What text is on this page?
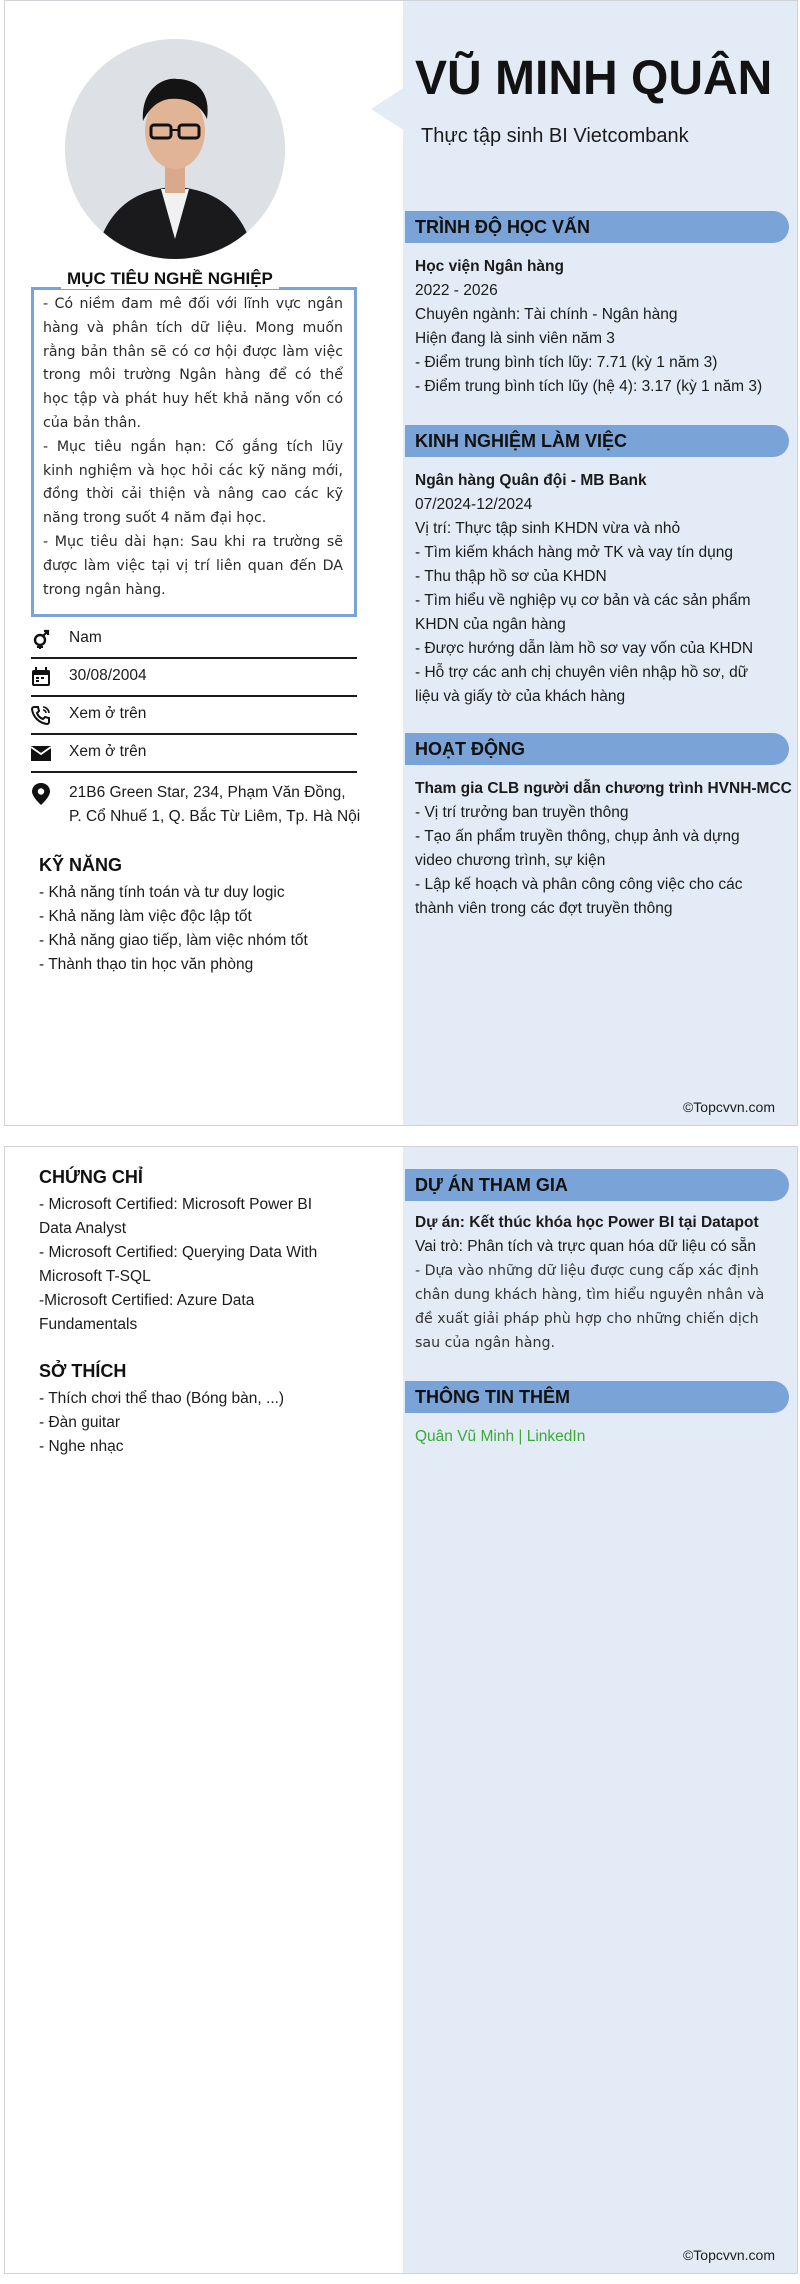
VŨ MINH QUÂN
Thực tập sinh BI Vietcombank
MỤC TIÊU NGHỀ NGHIỆP

- Có niềm đam mê đối với lĩnh vực ngân hàng và phân tích dữ liệu. Mong muốn rằng bản thân sẽ có cơ hội được làm việc trong môi trường Ngân hàng để có thể học tập và phát huy hết khả năng vốn có của bản thân.

- Mục tiêu ngắn hạn: Cố gắng tích lũy kinh nghiệm và học hỏi các kỹ năng mới, đồng thời cải thiện và nâng cao các kỹ năng trong suốt 4 năm đại học.

- Mục tiêu dài hạn: Sau khi ra trường sẽ được làm việc tại vị trí liên quan đến DA trong ngân hàng.

Nam
30/08/2004
Xem ở trên
Xem ở trên
21B6 Green Star, 234, Phạm Văn Đồng,
P. Cổ Nhuế 1, Q. Bắc Từ Liêm, Tp. Hà Nội
KỸ NĂNG
- Khả năng tính toán và tư duy logic
- Khả năng làm việc độc lập tốt
- Khả năng giao tiếp, làm việc nhóm tốt
- Thành thạo tin học văn phòng
TRÌNH ĐỘ HỌC VẤN
Học viện Ngân hàng
2022 - 2026
Chuyên ngành: Tài chính - Ngân hàng
Hiện đang là sinh viên năm 3
- Điểm trung bình tích lũy: 7.71 (kỳ 1 năm 3)
- Điểm trung bình tích lũy (hệ 4): 3.17 (kỳ 1 năm 3)
KINH NGHIỆM LÀM VIỆC
Ngân hàng Quân đội - MB Bank
07/2024-12/2024
Vị trí: Thực tập sinh KHDN vừa và nhỏ
- Tìm kiếm khách hàng mở TK và vay tín dụng
- Thu thập hồ sơ của KHDN
- Tìm hiểu về nghiệp vụ cơ bản và các sản phẩm
KHDN của ngân hàng
- Được hướng dẫn làm hồ sơ vay vốn của KHDN
- Hỗ trợ các anh chị chuyên viên nhập hồ sơ, dữ
liệu và giấy tờ của khách hàng
HOẠT ĐỘNG
Tham gia CLB người dẫn chương trình HVNH-MCC
- Vị trí trưởng ban truyền thông
- Tạo ấn phẩm truyền thông, chụp ảnh và dựng
video chương trình, sự kiện
- Lập kế hoạch và phân công công việc cho các
thành viên trong các đợt truyền thông
©Topcvvn.com
CHỨNG CHỈ
- Microsoft Certified: Microsoft Power BI
Data Analyst
- Microsoft Certified: Querying Data With
Microsoft T-SQL
-Microsoft Certified: Azure Data
Fundamentals
SỞ THÍCH
- Thích chơi thể thao (Bóng bàn, ...)
- Đàn guitar
- Nghe nhạc
DỰ ÁN THAM GIA
Dự án: Kết thúc khóa học Power BI tại Datapot
Vai trò: Phân tích và trực quan hóa dữ liệu có sẵn
- Dựa vào những dữ liệu được cung cấp xác định
chân dung khách hàng, tìm hiểu nguyên nhân và
đề xuất giải pháp phù hợp cho những chiến dịch
sau của ngân hàng.
THÔNG TIN THÊM
Quân Vũ Minh | LinkedIn
©Topcvvn.com
